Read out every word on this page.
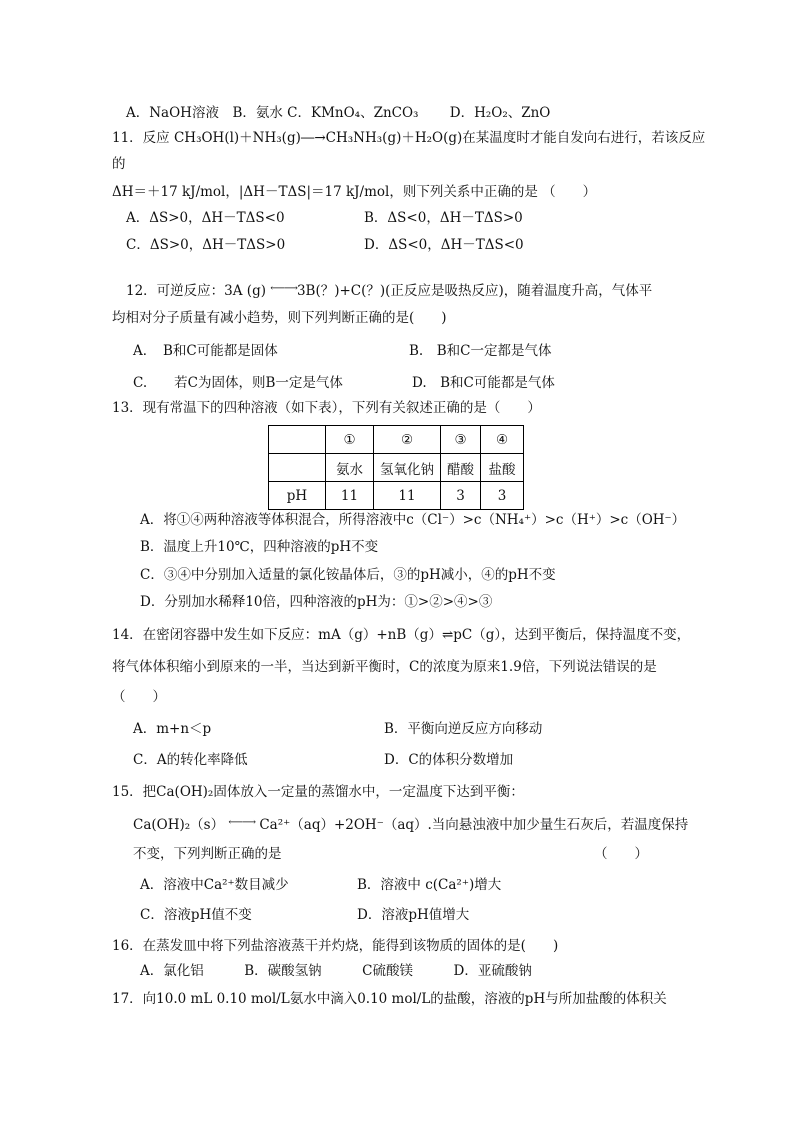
A．NaOH溶液　B．氨水 C．KMnO₄、ZnCO₃　　 D．H₂O₂、ZnO
11．反应 CH₃OH(l)＋NH₃(g)―→CH₃NH₃(g)＋H₂O(g)在某温度时才能自发向右进行，若该反应
的
ΔH＝＋17 kJ/mol，|ΔH－TΔS|＝17 kJ/mol，则下列关系中正确的是 （　　）
A．ΔS>0，ΔH－TΔS<0	B．ΔS<0，ΔH－TΔS>0
C．ΔS>0，ΔH－TΔS>0	D．ΔS<0，ΔH－TΔS<0
12．可逆反应：3A (g) ⟵⟶3B(？)+C(？)(正反应是吸热反应)，随着温度升高，气体平
均相对分子质量有减小趋势，则下列判断正确的是(　　)
A．　B和C可能都是固体	B.　B和C一定都是气体
C.　　若C为固体，则B一定是气体	D.　B和C可能都是气体
13．现有常温下的四种溶液（如下表），下列有关叙述正确的是（　　）
	①	②	③	④
	氨水	氢氧化钠	醋酸	盐酸
pH	11	11	3	3
A．将①④两种溶液等体积混合，所得溶液中c（Cl⁻）>c（NH₄⁺）>c（H⁺）>c（OH⁻）
B．温度上升10℃，四种溶液的pH不变
C．③④中分别加入适量的氯化铵晶体后，③的pH减小，④的pH不变
D．分别加水稀释10倍，四种溶液的pH为：①>②>④>③
14．在密闭容器中发生如下反应：mA（g）+nB（g）⇌pC（g），达到平衡后，保持温度不变，
将气体体积缩小到原来的一半，当达到新平衡时，C的浓度为原来1.9倍，下列说法错误的是
（　　）
A．m+n＜p	B．平衡向逆反应方向移动
C．A的转化率降低	D．C的体积分数增加
15．把Ca(OH)₂固体放入一定量的蒸馏水中，一定温度下达到平衡：
Ca(OH)₂（s） ⟵⟶ Ca²⁺（aq）+2OH⁻（aq）.当向悬浊液中加少量生石灰后，若温度保持
不变，下列判断正确的是	（　　）
A．溶液中Ca²⁺数目减少	B．溶液中 c(Ca²⁺)增大
C．溶液pH值不变	D．溶液pH值增大
16．在蒸发皿中将下列盐溶液蒸干并灼烧，能得到该物质的固体的是(　　)
A．氯化铝　　　B．碳酸氢钠　　　C硫酸镁　　　D．亚硫酸钠
17．向10.0 mL 0.10 mol/L氨水中滴入0.10 mol/L的盐酸，溶液的pH与所加盐酸的体积关
